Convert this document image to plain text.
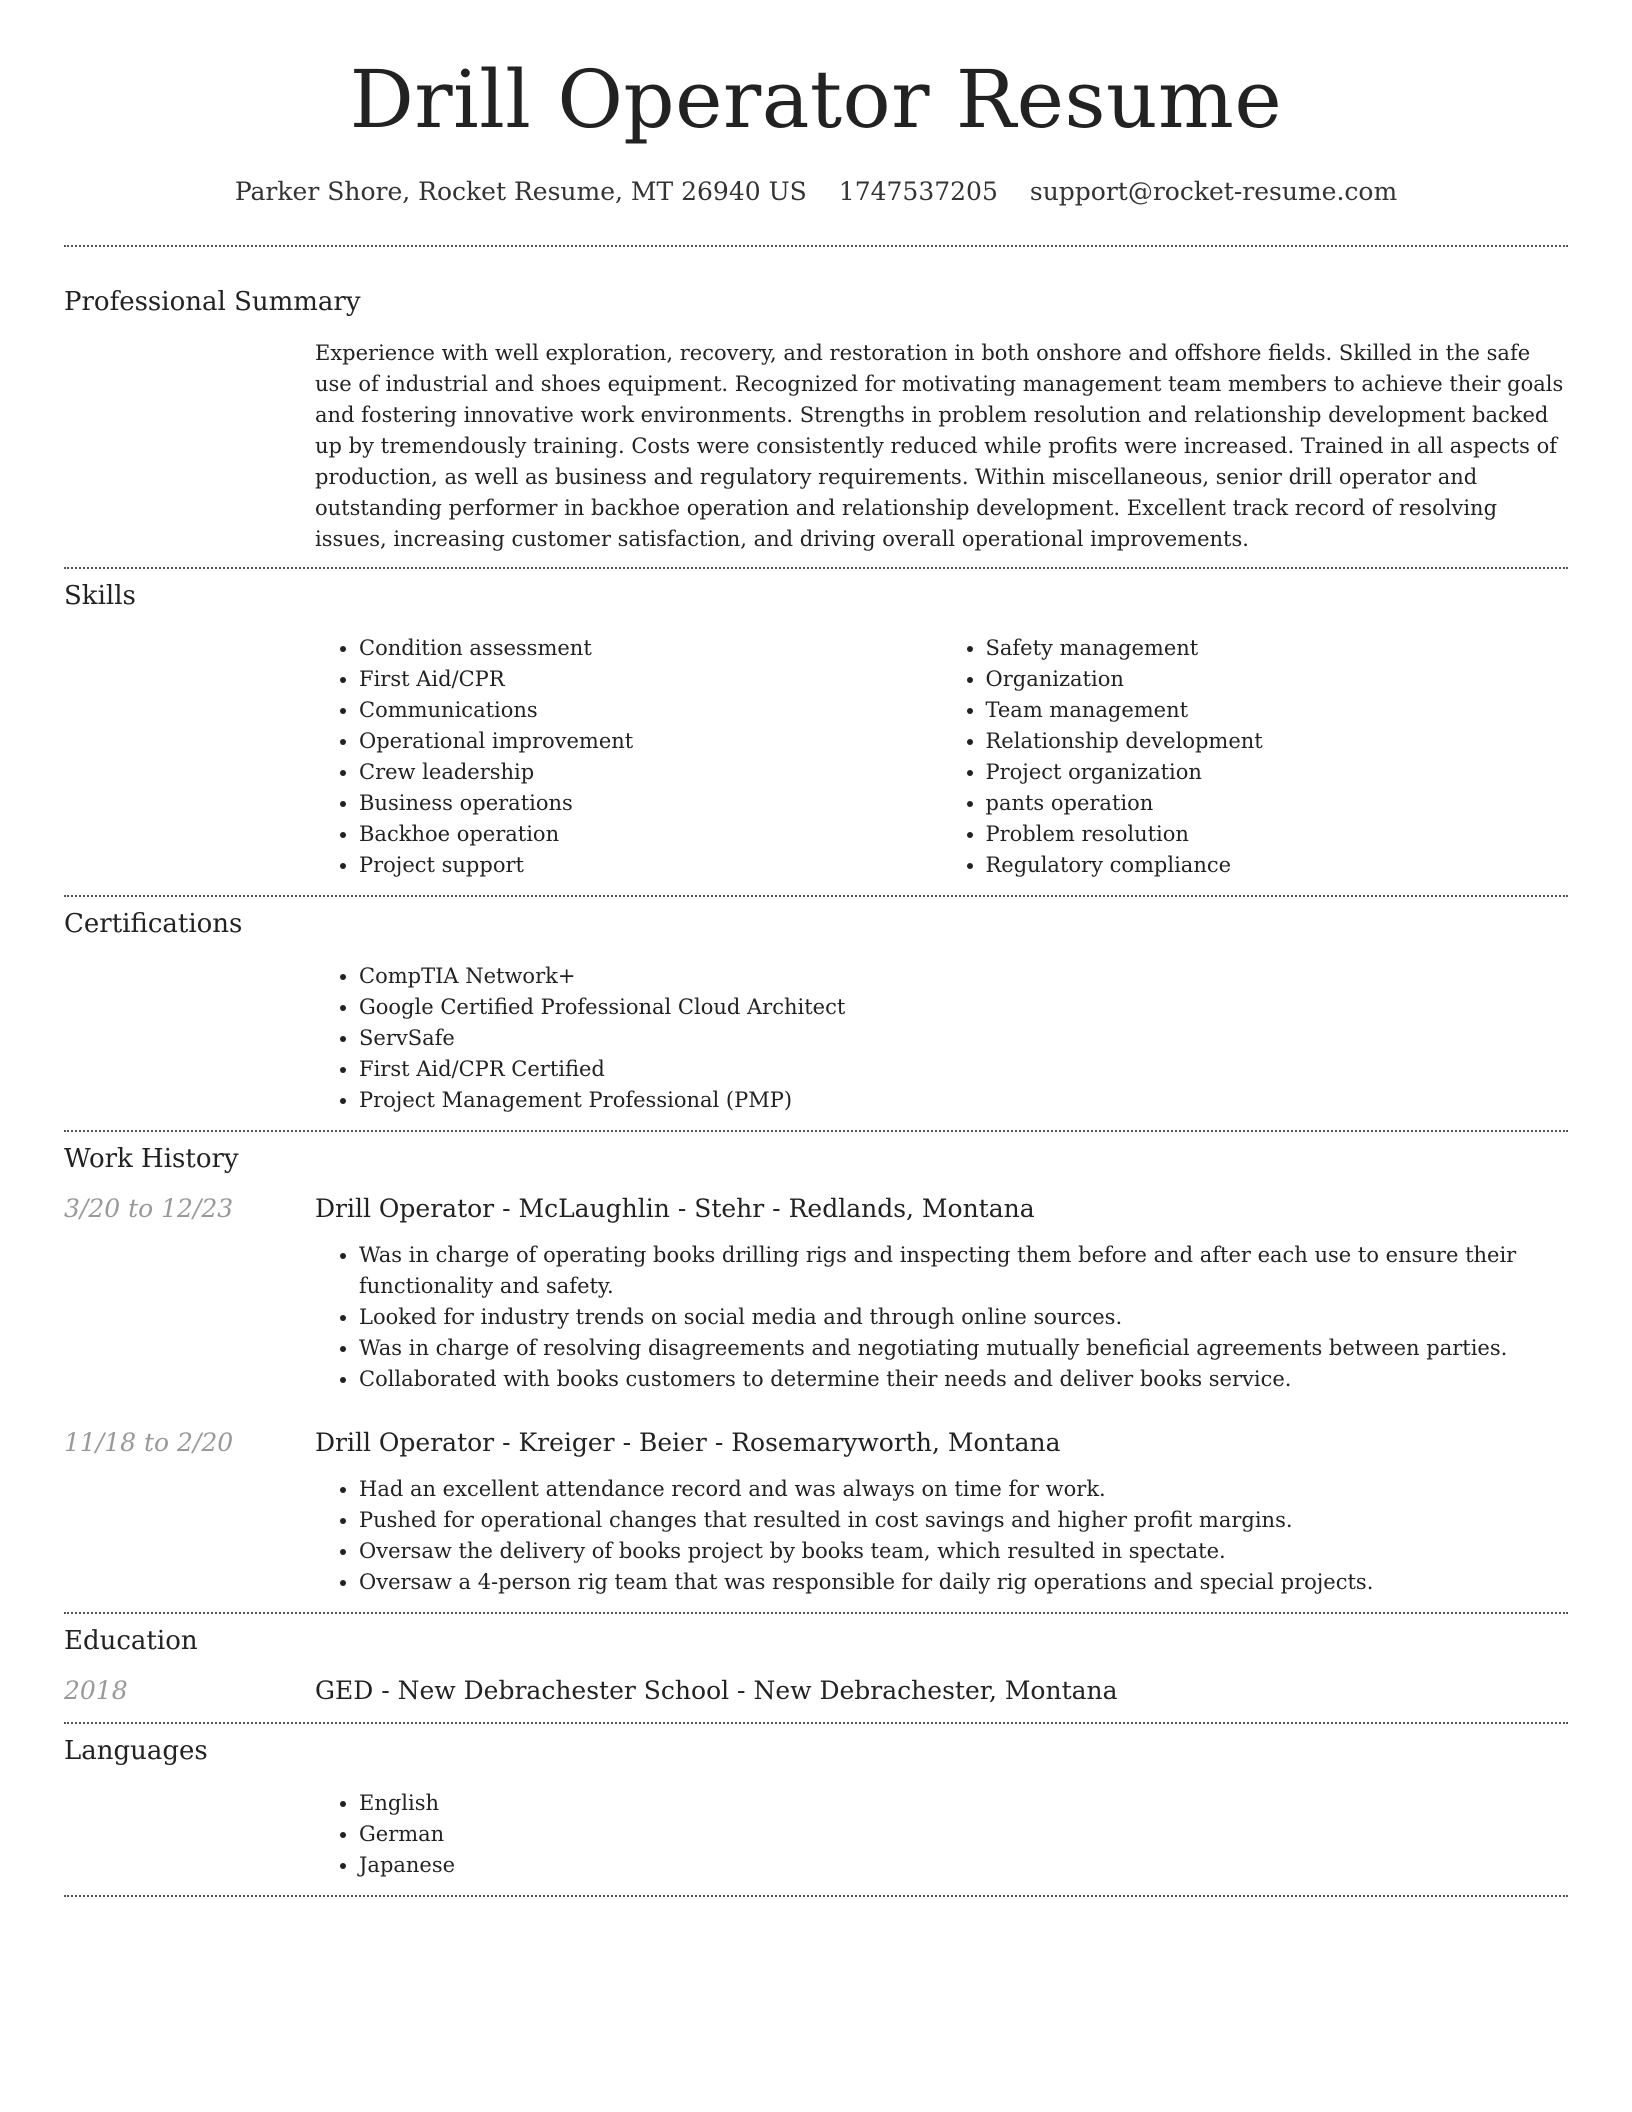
Drill Operator Resume
Parker Shore, Rocket Resume, MT 26940 US 1747537205 support@rocket-resume.com
Professional Summary

Experience with well exploration, recovery, and restoration in both onshore and offshore fields. Skilled in the safe use of industrial and shoes equipment. Recognized for motivating management team members to achieve their goals and fostering innovative work environments. Strengths in problem resolution and relationship development backed up by tremendously training. Costs were consistently reduced while profits were increased. Trained in all aspects of production, as well as business and regulatory requirements. Within miscellaneous, senior drill operator and outstanding performer in backhoe operation and relationship development. Excellent track record of resolving issues, increasing customer satisfaction, and driving overall operational improvements.

Skills
• Condition assessment
• First Aid/CPR
• Communications
• Operational improvement
• Crew leadership
• Business operations
• Backhoe operation
• Project support
• Safety management
• Organization
• Team management
• Relationship development
• Project organization
• pants operation
• Problem resolution
• Regulatory compliance
Certifications
• CompTIA Network+
• Google Certified Professional Cloud Architect
• ServSafe
• First Aid/CPR Certified
• Project Management Professional (PMP)
Work History
3/20 to 12/23	Drill Operator - McLaughlin - Stehr - Redlands, Montana
• Was in charge of operating books drilling rigs and inspecting them before and after each use to ensure their functionality and safety.
• Looked for industry trends on social media and through online sources.
• Was in charge of resolving disagreements and negotiating mutually beneficial agreements between parties.
• Collaborated with books customers to determine their needs and deliver books service.
11/18 to 2/20	Drill Operator - Kreiger - Beier - Rosemaryworth, Montana
• Had an excellent attendance record and was always on time for work.
• Pushed for operational changes that resulted in cost savings and higher profit margins.
• Oversaw the delivery of books project by books team, which resulted in spectate.
• Oversaw a 4-person rig team that was responsible for daily rig operations and special projects.
Education
2018	GED - New Debrachester School - New Debrachester, Montana
Languages
• English
• German
• Japanese
